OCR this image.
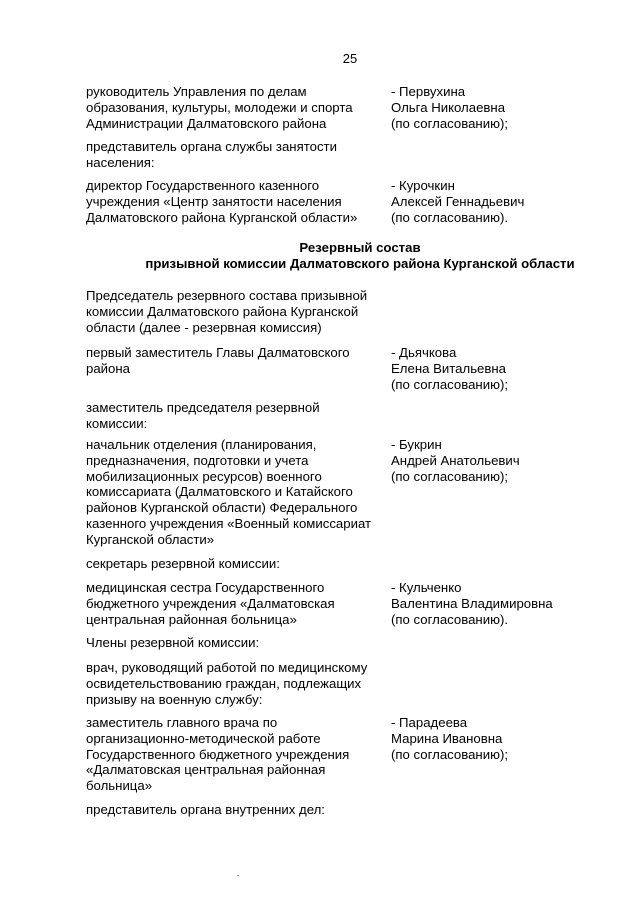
25
руководитель Управления по делам
образования, культуры, молодежи и спорта
Администрации Далматовского района
- Первухина
Ольга Николаевна
(по согласованию);
представитель органа службы занятости
населения:
директор Государственного казенного
учреждения «Центр занятости населения
Далматовского района Курганской области»
- Курочкин
Алексей Геннадьевич
(по согласованию).
Резервный состав
призывной комиссии Далматовского района Курганской области
Председатель резервного состава призывной
комиссии Далматовского района Курганской
области (далее - резервная комиссия)
первый заместитель Главы Далматовского
района
- Дьячкова
Елена Витальевна
(по согласованию);
заместитель председателя резервной
комиссии:
начальник отделения (планирования,
предназначения, подготовки и учета
мобилизационных ресурсов) военного
комиссариата (Далматовского и Катайского
районов Курганской области) Федерального
казенного учреждения «Военный комиссариат
Курганской области»
- Букрин
Андрей Анатольевич
(по согласованию);
секретарь резервной комиссии:
медицинская сестра Государственного
бюджетного учреждения «Далматовская
центральная районная больница»
- Кульченко
Валентина Владимировна
(по согласованию).
Члены резервной комиссии:
врач, руководящий работой по медицинскому
освидетельствованию граждан, подлежащих
призыву на военную службу:
заместитель главного врача по
организационно-методической работе
Государственного бюджетного учреждения
«Далматовская центральная районная
больница»
- Парадеева
Марина Ивановна
(по согласованию);
представитель органа внутренних дел:
